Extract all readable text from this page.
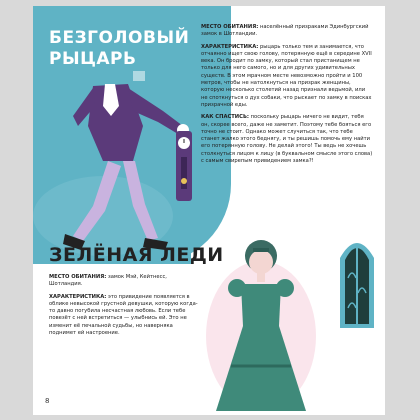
БЕЗГОЛОВЫЙ
РЫЦАРЬ

МЕСТО ОБИТАНИЯ: населённый призраками Эдинбургский замок в Шотландии.

ХАРАКТЕРИСТИКА: рыцарь только тем и занимается, что отчаянно ищет свою голову, потерянную ещё в середине XVII века. Он бродит по замку, который стал пристанищем не только для него самого, но и для других удивительных существ. В этом мрачном месте невозможно пройти и 100 метров, чтобы не натолкнуться на призрак женщины, которую несколько столетий назад признали ведьмой, или не споткнуться о дух собаки, что рыскает по замку в поисках призрачной еды.

КАК СПАСТИСЬ: поскольку рыцарь ничего не видит, тебя он, скорее всего, даже не заметит. Поэтому тебе бояться его точно не стоит. Однако может случиться так, что тебе станет жалко этого беднягу, и ты решишь помочь ему найти его потерянную голову. Не делай этого! Ты ведь не хочешь столкнуться лицом к лицу (в буквальном смысле этого слова) с самым свирепым привидением замка?!

ЗЕЛЁНАЯ ЛЕДИ

МЕСТО ОБИТАНИЯ: замок Мэй, Кейтнесс, Шотландия.

ХАРАКТЕРИСТИКА: это привидение появляется в облике невысокой грустной девушки, которую когда-то давно погубила несчастная любовь. Если тебе повезёт с ней встретиться — улыбнись ей. Это не изменит её печальной судьбы, но наверняка поднимет ей настроение.

8
